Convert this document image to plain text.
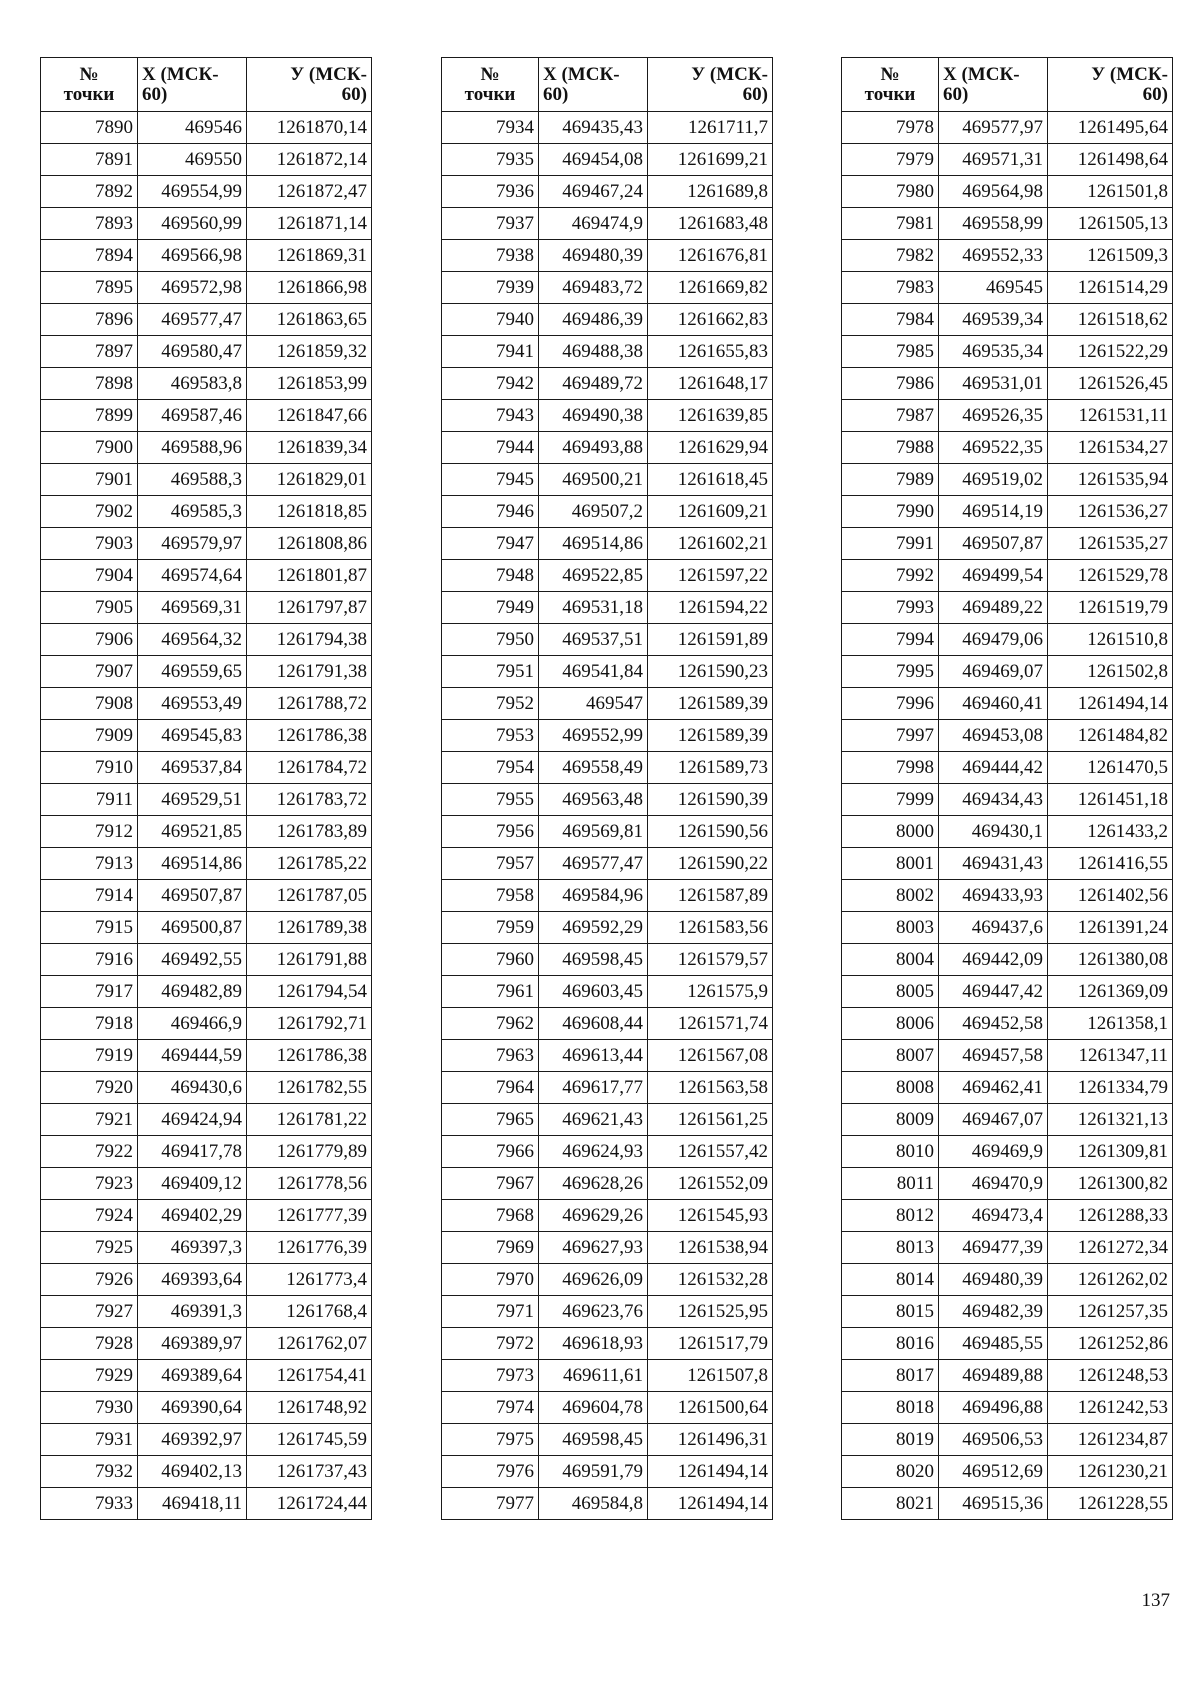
№
точки	Х (МСК-
60)	У (МСК-
60)

7890	469546	1261870,14
7891	469550	1261872,14
7892	469554,99	1261872,47
7893	469560,99	1261871,14
7894	469566,98	1261869,31
7895	469572,98	1261866,98
7896	469577,47	1261863,65
7897	469580,47	1261859,32
7898	469583,8	1261853,99
7899	469587,46	1261847,66
7900	469588,96	1261839,34
7901	469588,3	1261829,01
7902	469585,3	1261818,85
7903	469579,97	1261808,86
7904	469574,64	1261801,87
7905	469569,31	1261797,87
7906	469564,32	1261794,38
7907	469559,65	1261791,38
7908	469553,49	1261788,72
7909	469545,83	1261786,38
7910	469537,84	1261784,72
7911	469529,51	1261783,72
7912	469521,85	1261783,89
7913	469514,86	1261785,22
7914	469507,87	1261787,05
7915	469500,87	1261789,38
7916	469492,55	1261791,88
7917	469482,89	1261794,54
7918	469466,9	1261792,71
7919	469444,59	1261786,38
7920	469430,6	1261782,55
7921	469424,94	1261781,22
7922	469417,78	1261779,89
7923	469409,12	1261778,56
7924	469402,29	1261777,39
7925	469397,3	1261776,39
7926	469393,64	1261773,4
7927	469391,3	1261768,4
7928	469389,97	1261762,07
7929	469389,64	1261754,41
7930	469390,64	1261748,92
7931	469392,97	1261745,59
7932	469402,13	1261737,43
7933	469418,11	1261724,44
№
точки	Х (МСК-
60)	У (МСК-
60)

7934	469435,43	1261711,7
7935	469454,08	1261699,21
7936	469467,24	1261689,8
7937	469474,9	1261683,48
7938	469480,39	1261676,81
7939	469483,72	1261669,82
7940	469486,39	1261662,83
7941	469488,38	1261655,83
7942	469489,72	1261648,17
7943	469490,38	1261639,85
7944	469493,88	1261629,94
7945	469500,21	1261618,45
7946	469507,2	1261609,21
7947	469514,86	1261602,21
7948	469522,85	1261597,22
7949	469531,18	1261594,22
7950	469537,51	1261591,89
7951	469541,84	1261590,23
7952	469547	1261589,39
7953	469552,99	1261589,39
7954	469558,49	1261589,73
7955	469563,48	1261590,39
7956	469569,81	1261590,56
7957	469577,47	1261590,22
7958	469584,96	1261587,89
7959	469592,29	1261583,56
7960	469598,45	1261579,57
7961	469603,45	1261575,9
7962	469608,44	1261571,74
7963	469613,44	1261567,08
7964	469617,77	1261563,58
7965	469621,43	1261561,25
7966	469624,93	1261557,42
7967	469628,26	1261552,09
7968	469629,26	1261545,93
7969	469627,93	1261538,94
7970	469626,09	1261532,28
7971	469623,76	1261525,95
7972	469618,93	1261517,79
7973	469611,61	1261507,8
7974	469604,78	1261500,64
7975	469598,45	1261496,31
7976	469591,79	1261494,14
7977	469584,8	1261494,14
№
точки	Х (МСК-
60)	У (МСК-
60)

7978	469577,97	1261495,64
7979	469571,31	1261498,64
7980	469564,98	1261501,8
7981	469558,99	1261505,13
7982	469552,33	1261509,3
7983	469545	1261514,29
7984	469539,34	1261518,62
7985	469535,34	1261522,29
7986	469531,01	1261526,45
7987	469526,35	1261531,11
7988	469522,35	1261534,27
7989	469519,02	1261535,94
7990	469514,19	1261536,27
7991	469507,87	1261535,27
7992	469499,54	1261529,78
7993	469489,22	1261519,79
7994	469479,06	1261510,8
7995	469469,07	1261502,8
7996	469460,41	1261494,14
7997	469453,08	1261484,82
7998	469444,42	1261470,5
7999	469434,43	1261451,18
8000	469430,1	1261433,2
8001	469431,43	1261416,55
8002	469433,93	1261402,56
8003	469437,6	1261391,24
8004	469442,09	1261380,08
8005	469447,42	1261369,09
8006	469452,58	1261358,1
8007	469457,58	1261347,11
8008	469462,41	1261334,79
8009	469467,07	1261321,13
8010	469469,9	1261309,81
8011	469470,9	1261300,82
8012	469473,4	1261288,33
8013	469477,39	1261272,34
8014	469480,39	1261262,02
8015	469482,39	1261257,35
8016	469485,55	1261252,86
8017	469489,88	1261248,53
8018	469496,88	1261242,53
8019	469506,53	1261234,87
8020	469512,69	1261230,21
8021	469515,36	1261228,55
137
